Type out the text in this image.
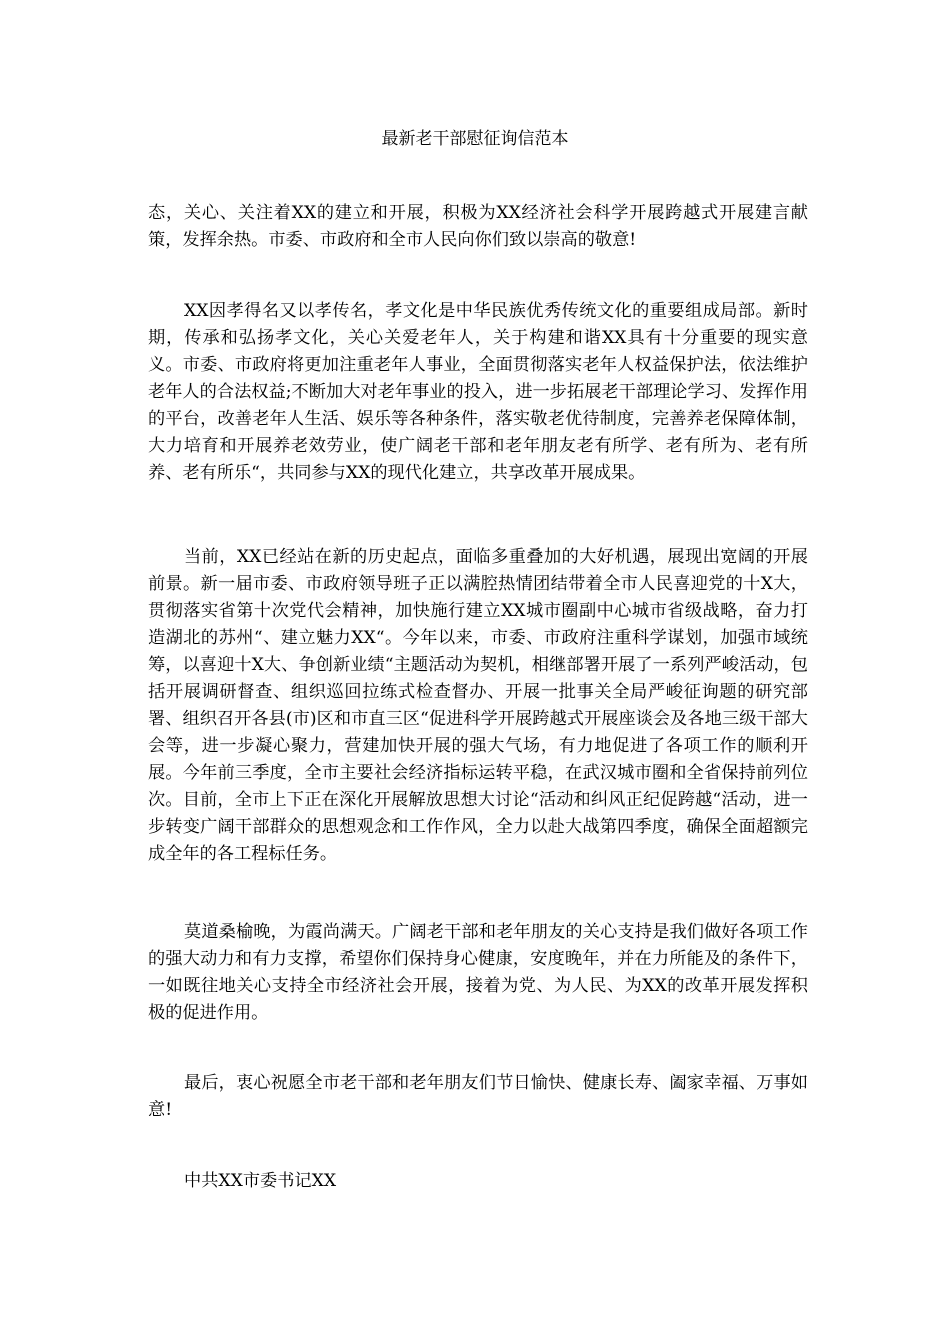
最新老干部慰征询信范本

态，关心、关注着XX的建立和开展，积极为XX经济社会科学开展跨越式开展建言献策，发挥余热。市委、市政府和全市人民向你们致以崇高的敬意!

XX因孝得名又以孝传名，孝文化是中华民族优秀传统文化的重要组成局部。新时期，传承和弘扬孝文化，关心关爱老年人，关于构建和谐XX具有十分重要的现实意义。市委、市政府将更加注重老年人事业，全面贯彻落实老年人权益保护法，依法维护老年人的合法权益;不断加大对老年事业的投入，进一步拓展老干部理论学习、发挥作用的平台，改善老年人生活、娱乐等各种条件，落实敬老优待制度，完善养老保障体制，大力培育和开展养老效劳业，使广阔老干部和老年朋友老有所学、老有所为、老有所养、老有所乐“，共同参与XX的现代化建立，共享改革开展成果。

当前，XX已经站在新的历史起点，面临多重叠加的大好机遇，展现出宽阔的开展前景。新一届市委、市政府领导班子正以满腔热情团结带着全市人民喜迎党的十X大，贯彻落实省第十次党代会精神，加快施行建立XX城市圈副中心城市省级战略，奋力打造湖北的苏州“、建立魅力XX“。今年以来，市委、市政府注重科学谋划，加强市域统筹，以喜迎十X大、争创新业绩“主题活动为契机，相继部署开展了一系列严峻活动，包括开展调研督查、组织巡回拉练式检查督办、开展一批事关全局严峻征询题的研究部署、组织召开各县(市)区和市直三区“促进科学开展跨越式开展座谈会及各地三级干部大会等，进一步凝心聚力，营建加快开展的强大气场，有力地促进了各项工作的顺利开展。今年前三季度，全市主要社会经济指标运转平稳，在武汉城市圈和全省保持前列位次。目前，全市上下正在深化开展解放思想大讨论“活动和纠风正纪促跨越“活动，进一步转变广阔干部群众的思想观念和工作作风，全力以赴大战第四季度，确保全面超额完成全年的各工程标任务。

莫道桑榆晚，为霞尚满天。广阔老干部和老年朋友的关心支持是我们做好各项工作的强大动力和有力支撑，希望你们保持身心健康，安度晚年，并在力所能及的条件下，一如既往地关心支持全市经济社会开展，接着为党、为人民、为XX的改革开展发挥积极的促进作用。

最后，衷心祝愿全市老干部和老年朋友们节日愉快、健康长寿、阖家幸福、万事如意!

中共XX市委书记XX
